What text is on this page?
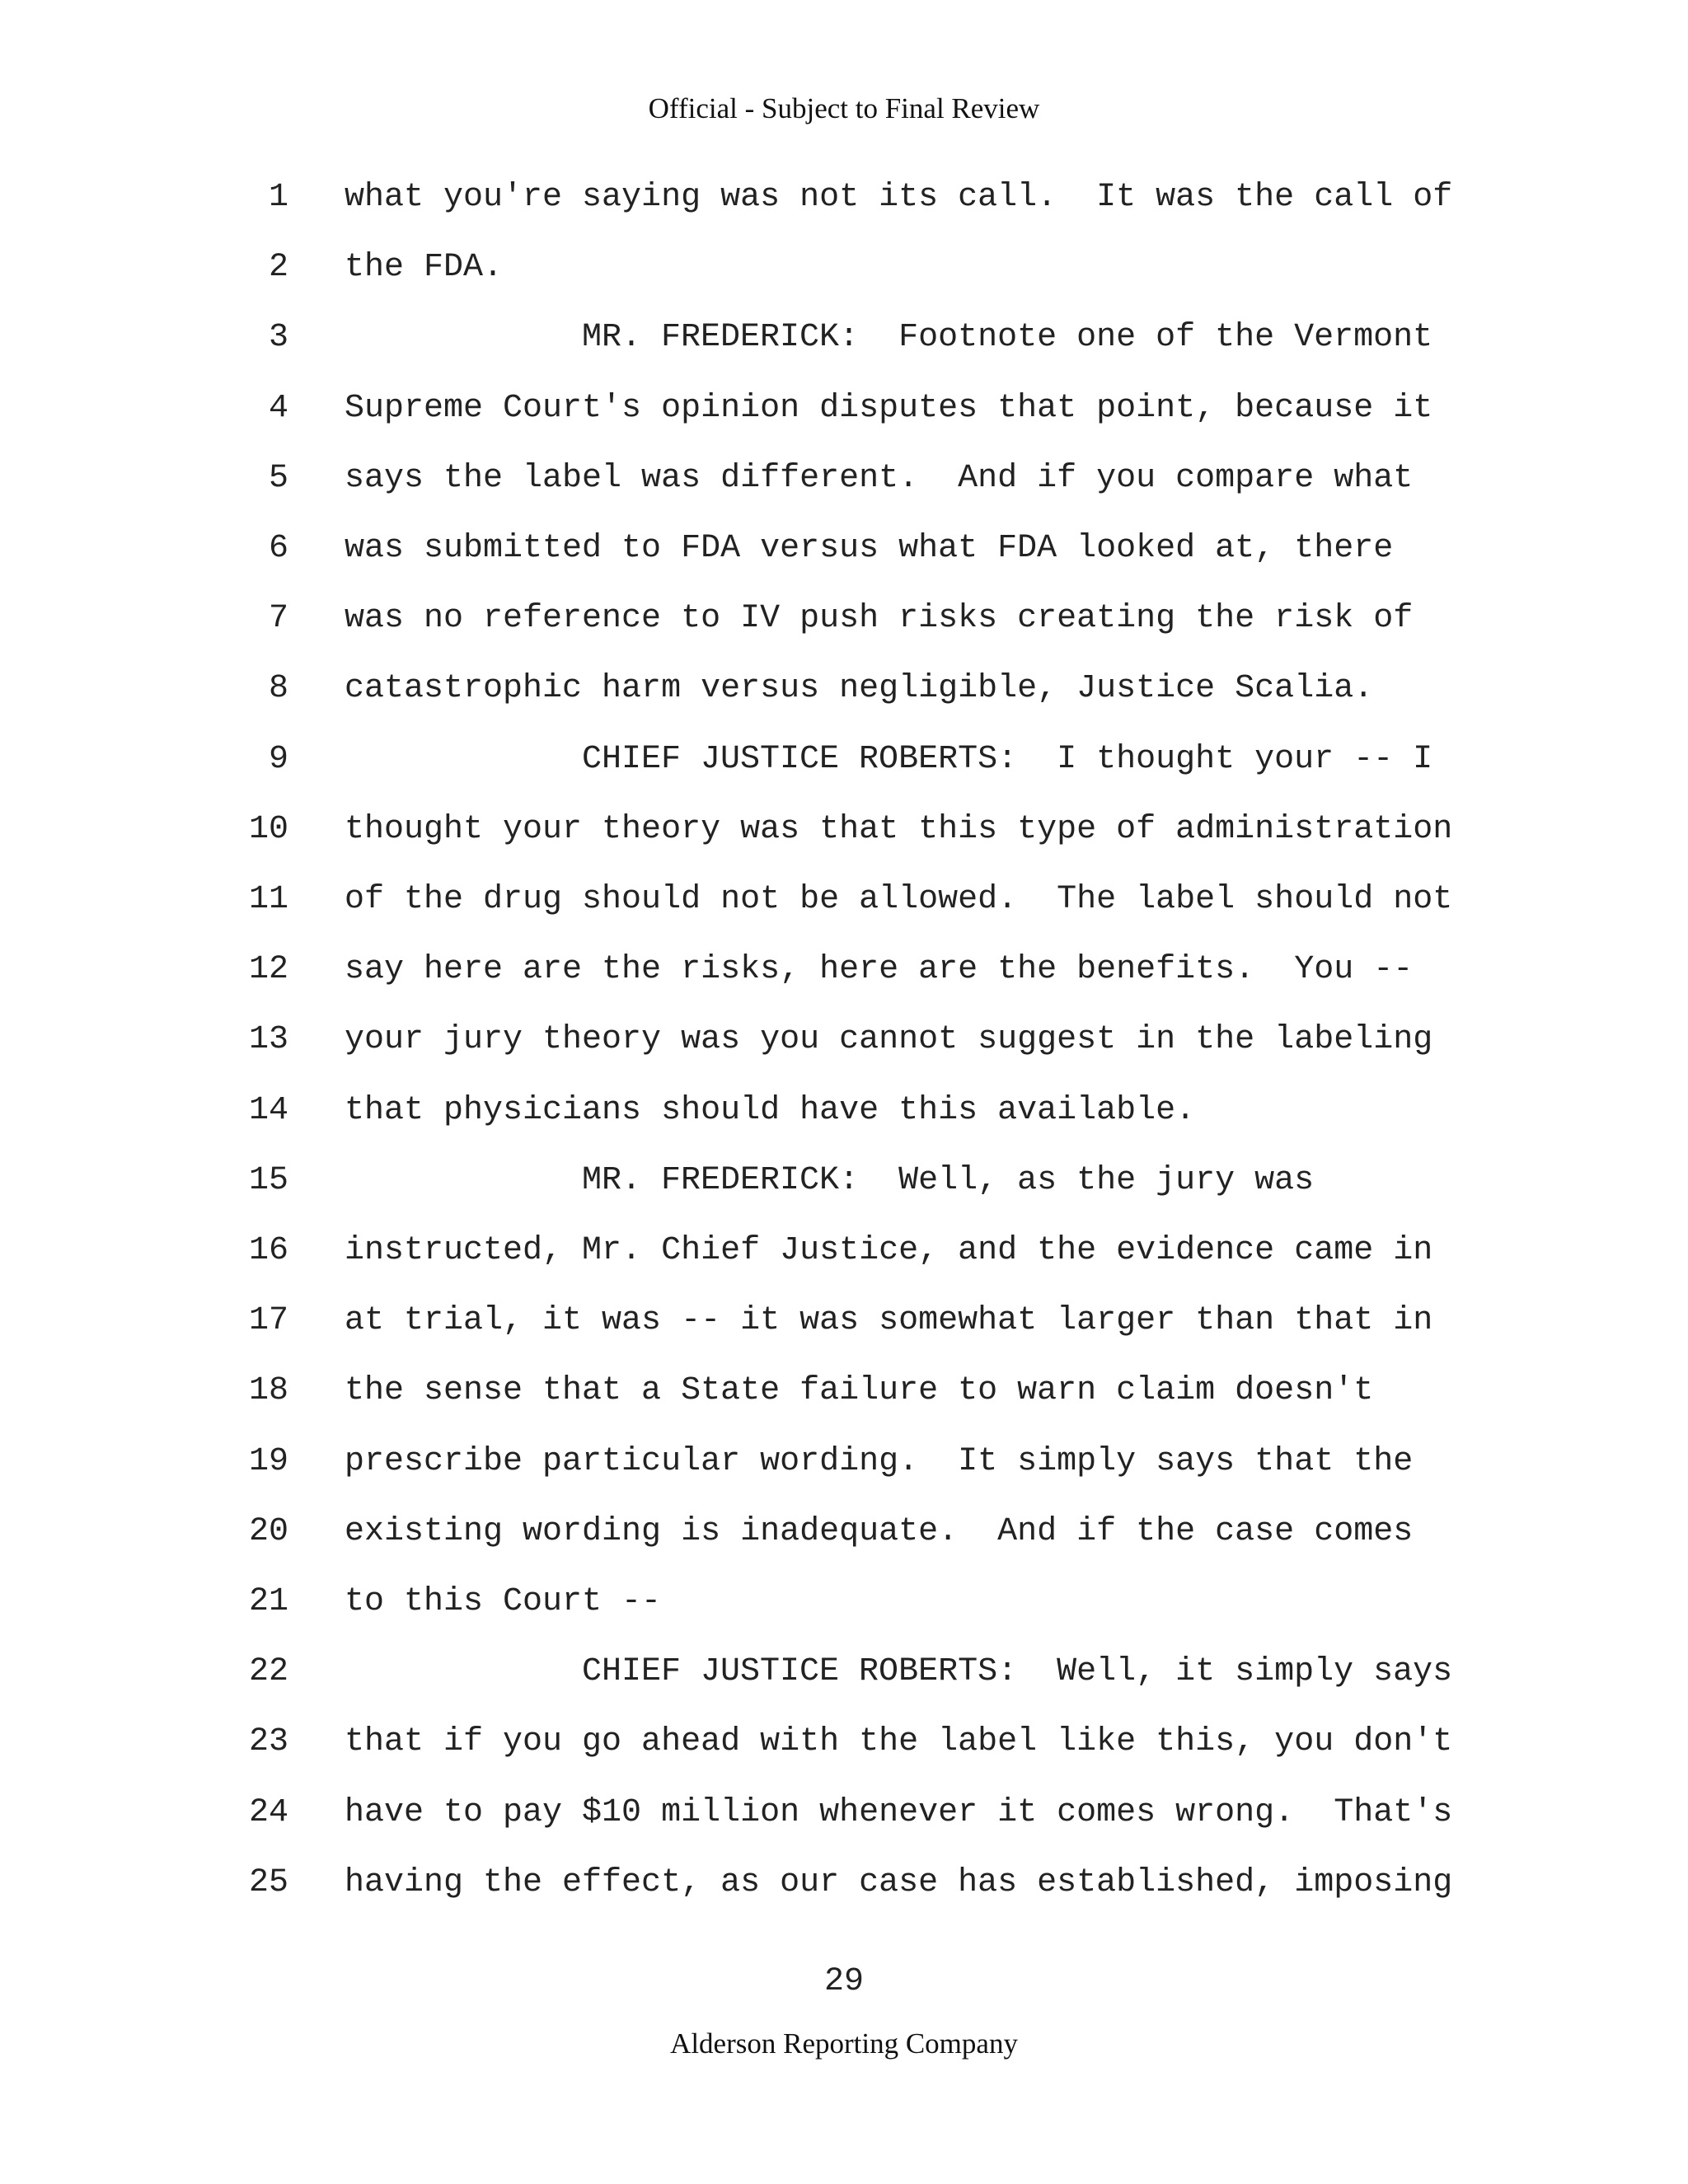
Official - Subject to Final Review
1 what you're saying was not its call.  It was the call of
2 the FDA.
3	MR. FREDERICK:  Footnote one of the Vermont
4 Supreme Court's opinion disputes that point, because it
5 says the label was different.  And if you compare what
6 was submitted to FDA versus what FDA looked at, there
7 was no reference to IV push risks creating the risk of
8 catastrophic harm versus negligible, Justice Scalia.
9	CHIEF JUSTICE ROBERTS:  I thought your -- I
10 thought your theory was that this type of administration
11 of the drug should not be allowed.  The label should not
12 say here are the risks, here are the benefits.  You --
13 your jury theory was you cannot suggest in the labeling
14 that physicians should have this available.
15	MR. FREDERICK:  Well, as the jury was
16 instructed, Mr. Chief Justice, and the evidence came in
17 at trial, it was -- it was somewhat larger than that in
18 the sense that a State failure to warn claim doesn't
19 prescribe particular wording.  It simply says that the
20 existing wording is inadequate.  And if the case comes
21 to this Court --
22	CHIEF JUSTICE ROBERTS:  Well, it simply says
23 that if you go ahead with the label like this, you don't
24 have to pay $10 million whenever it comes wrong.  That's
25 having the effect, as our case has established, imposing
29
Alderson Reporting Company
